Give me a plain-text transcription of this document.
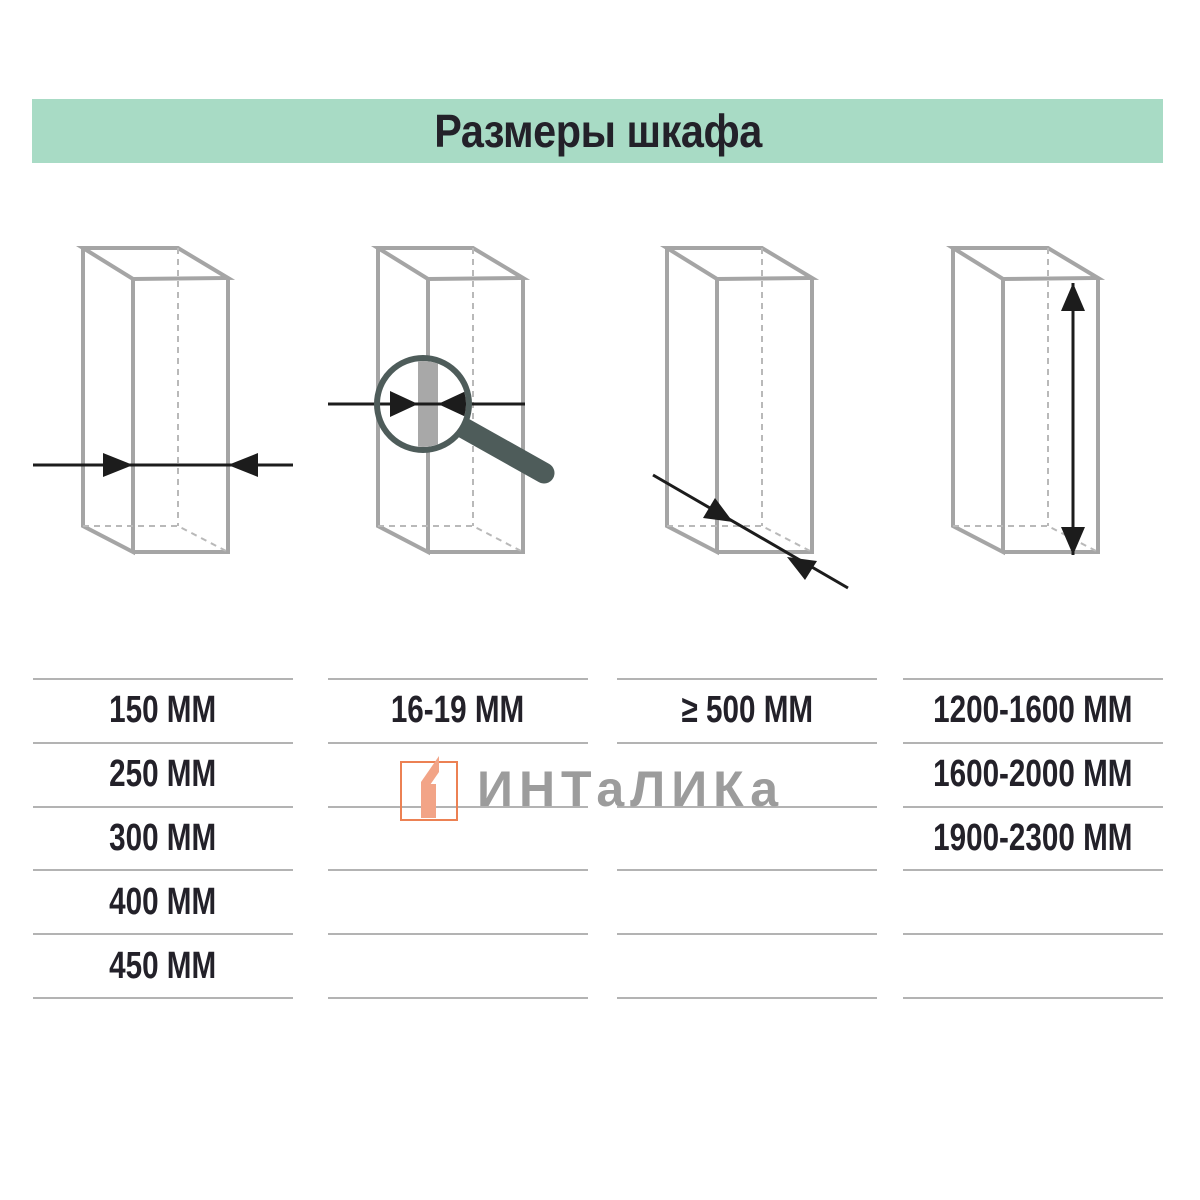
Размеры шкафа
150 ММ
250 ММ
300 ММ
400 ММ
450 ММ
16-19 ММ	≥ 500 ММ	1200-1600 ММ
1600-2000 ММ
1900-2300 ММ
ИНТаЛИКа
